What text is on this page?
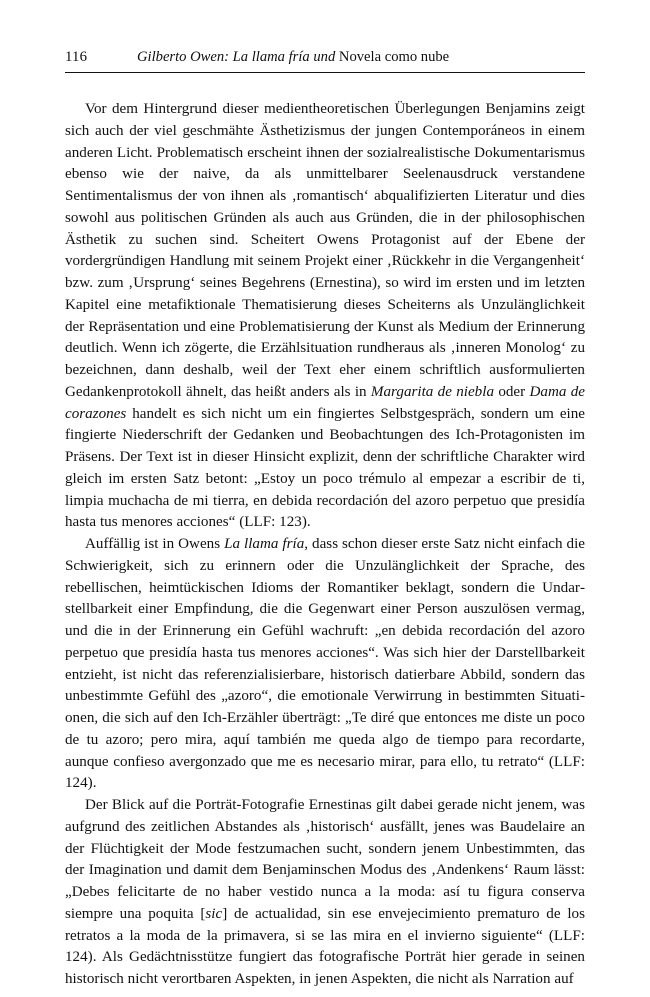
116	Gilberto Owen: La llama fría und Novela como nube

Vor dem Hintergrund dieser medientheoretischen Überlegungen Benjamins zeigt sich auch der viel geschmähte Ästhetizismus der jungen Contemporáneos in einem anderen Licht. Problematisch erscheint ihnen der sozialrealistische Dokumentarismus ebenso wie der naive, da als unmittelbarer Seelenausdruck verstandene Sentimentalismus der von ihnen als ‚romantisch‘ abqualifizierten Literatur und dies sowohl aus politischen Gründen als auch aus Gründen, die in der philosophischen Ästhetik zu suchen sind. Scheitert Owens Protagonist auf der Ebene der vordergründigen Handlung mit seinem Projekt einer ‚Rückkehr in die Vergangenheit‘ bzw. zum ‚Ursprung‘ seines Begehrens (Ernestina), so wird im ersten und im letzten Kapitel eine metafiktionale Thematisierung dieses Scheiterns als Unzulänglichkeit der Repräsentation und eine Problematisierung der Kunst als Medium der Erinnerung deutlich. Wenn ich zögerte, die Erzählsituation rundheraus als ‚inneren Monolog‘ zu bezeichnen, dann deshalb, weil der Text eher einem schriftlich ausformulierten Gedankenprotokoll ähnelt, das heißt anders als in Margarita de niebla oder Dama de corazones handelt es sich nicht um ein fingiertes Selbstgespräch, sondern um eine fingierte Niederschrift der Gedanken und Beobachtungen des Ich-Protagonisten im Präsens. Der Text ist in dieser Hinsicht explizit, denn der schriftliche Charakter wird gleich im ersten Satz betont: „Estoy un poco trémulo al empezar a escribir de ti, limpia muchacha de mi tierra, en debida recordación del azoro perpetuo que presidía hasta tus menores acciones“ (LLF: 123).

Auffällig ist in Owens La llama fría, dass schon dieser erste Satz nicht einfach die Schwierigkeit, sich zu erinnern oder die Unzulänglichkeit der Sprache, des rebellischen, heimtückischen Idioms der Romantiker beklagt, sondern die Undarstellbarkeit einer Empfindung, die die Gegenwart einer Person auszulösen vermag, und die in der Erinnerung ein Gefühl wachruft: „en debida recordación del azoro perpetuo que presidía hasta tus menores acciones“. Was sich hier der Darstellbarkeit entzieht, ist nicht das referenzialisierbare, historisch datierbare Abbild, sondern das unbestimmte Gefühl des „azoro“, die emotionale Verwirrung in bestimmten Situationen, die sich auf den Ich-Erzähler überträgt: „Te diré que entonces me diste un poco de tu azoro; pero mira, aquí también me queda algo de tiempo para recordarte, aunque confieso avergonzado que me es necesario mirar, para ello, tu retrato“ (LLF: 124).

Der Blick auf die Porträt-Fotografie Ernestinas gilt dabei gerade nicht jenem, was aufgrund des zeitlichen Abstandes als ‚historisch‘ ausfällt, jenes was Baudelaire an der Flüchtigkeit der Mode festzumachen sucht, sondern jenem Unbestimmten, das der Imagination und damit dem Benjaminschen Modus des ‚Andenkens‘ Raum lässt: „Debes felicitarte de no haber vestido nunca a la moda: así tu figura conserva siempre una poquita [sic] de actualidad, sin ese envejecimiento prematuro de los retratos a la moda de la primavera, si se las mira en el invierno siguiente“ (LLF: 124). Als Gedächtnisstütze fungiert das fotografische Porträt hier gerade in seinen historisch nicht verortbaren Aspekten, in jenen Aspekten, die nicht als Narration auf
